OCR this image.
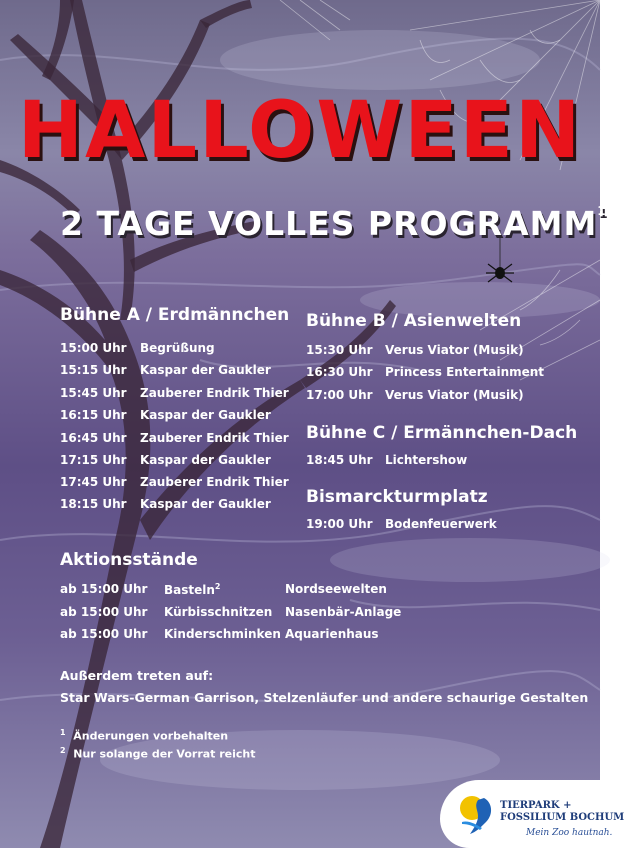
HALLOWEEN
2 TAGE VOLLES PROGRAMM$^1$
Bühne A / Erdmännchen
15:00 Uhr Begrüßung
15:15 Uhr Kaspar der Gaukler
15:45 Uhr Zauberer Endrik Thier
16:15 Uhr Kaspar der Gaukler
16:45 Uhr Zauberer Endrik Thier
17:15 Uhr Kaspar der Gaukler
17:45 Uhr Zauberer Endrik Thier
18:15 Uhr Kaspar der Gaukler
Bühne B / Asienwelten
15:30 Uhr Verus Viator (Musik)
16:30 Uhr Princess Entertainment
17:00 Uhr Verus Viator (Musik)
Bühne C / Ermännchen-Dach
18:45 Uhr Lichtershow
Bismarckturmplatz
19:00 Uhr Bodenfeuerwerk
Aktionsstände
ab 15:00 Uhr Basteln$^2$	Nordseewelten
ab 15:00 Uhr Kürbisschnitzen Nasenbär-Anlage
ab 15:00 Uhr Kinderschminken Aquarienhaus
Außerdem treten auf:
Star Wars-German Garrison, Stelzenläufer und andere schaurige Gestalten
$^1$ Änderungen vorbehalten
$^2$ Nur solange der Vorrat reicht
TIERPARK +
FOSSILIUM BOCHUM
Mein Zoo hautnah.
